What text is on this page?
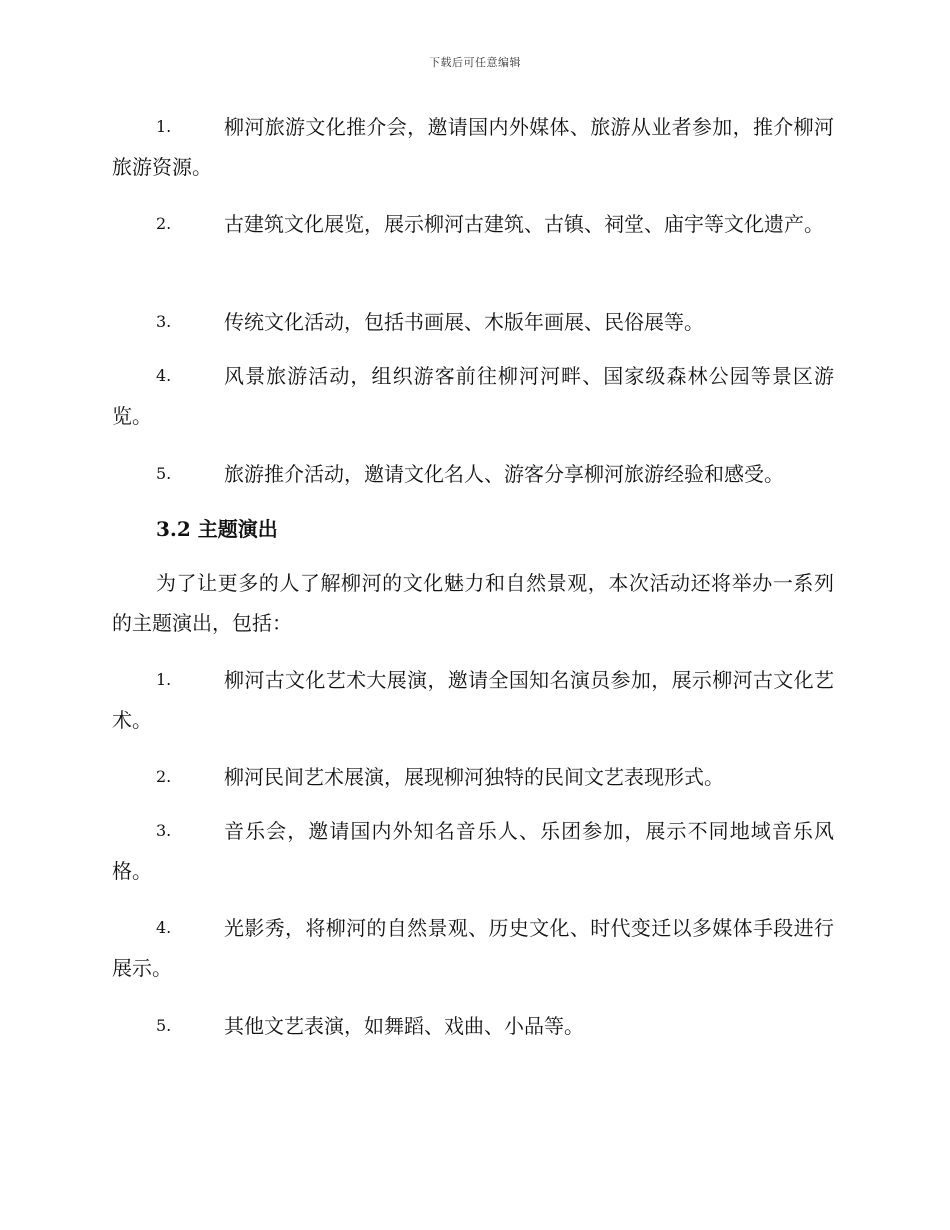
下载后可任意编辑
1.	柳河旅游文化推介会，邀请国内外媒体、旅游从业者参加，推介柳河旅游资源。
2.	古建筑文化展览，展示柳河古建筑、古镇、祠堂、庙宇等文化遗产。
3.	传统文化活动，包括书画展、木版年画展、民俗展等。
4.	风景旅游活动，组织游客前往柳河河畔、国家级森林公园等景区游览。
5.	旅游推介活动，邀请文化名人、游客分享柳河旅游经验和感受。
3.2 主题演出
为了让更多的人了解柳河的文化魅力和自然景观，本次活动还将举办一系列的主题演出，包括：
1.	柳河古文化艺术大展演，邀请全国知名演员参加，展示柳河古文化艺术。
2.	柳河民间艺术展演，展现柳河独特的民间文艺表现形式。
3.	音乐会，邀请国内外知名音乐人、乐团参加，展示不同地域音乐风格。
4.	光影秀，将柳河的自然景观、历史文化、时代变迁以多媒体手段进行展示。
5.	其他文艺表演，如舞蹈、戏曲、小品等。
